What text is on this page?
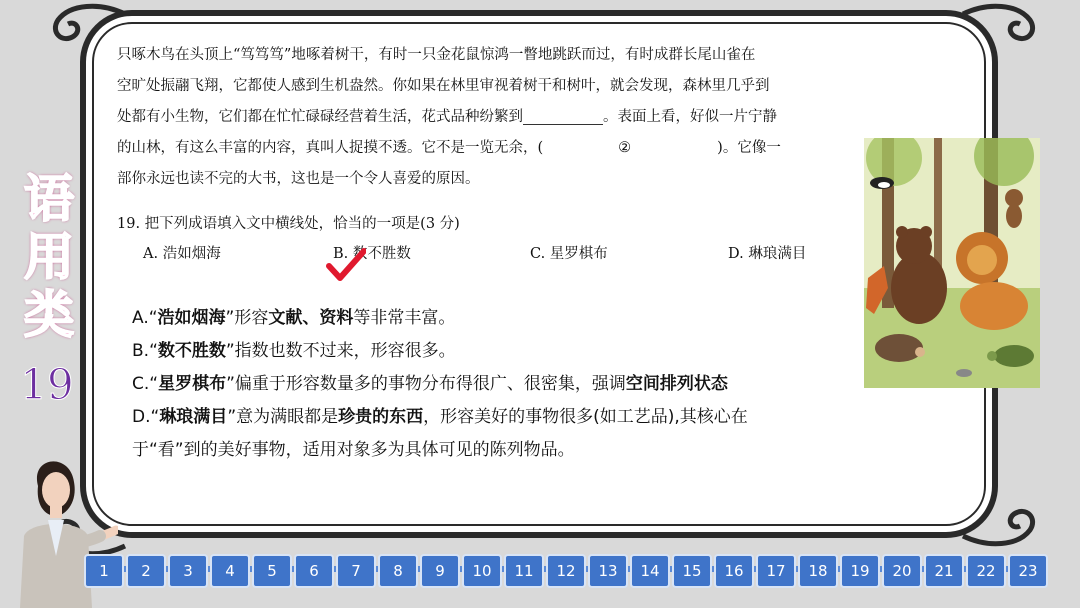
只啄木鸟在头顶上“笃笃笃”地啄着树干，有时一只金花鼠惊鸿一瞥地跳跃而过，有时成群长尾山雀在
空旷处振翮飞翔，它都使人感到生机盎然。你如果在林里审视着树干和树叶，就会发现，森林里几乎到
处都有小生物，它们都在忙忙碌碌经营着生活，花式品种纷繁到	。表面上看，好似一片宁静
的山林，有这么丰富的内容，真叫人捉摸不透。它不是一览无余，(	②	)。它像一
部你永远也读不完的大书，这也是一个令人喜爱的原因。
19. 把下列成语填入文中横线处，恰当的一项是(3 分)
A. 浩如烟海	B. 数不胜数	C. 星罗棋布	D. 琳琅满目
A.“浩如烟海”形容文献、资料等非常丰富。
B.“数不胜数”指数也数不过来，形容很多。
C.“星罗棋布”偏重于形容数量多的事物分布得很广、很密集，强调空间排列状态
D.“琳琅满目”意为满眼都是珍贵的东西，形容美好的事物很多(如工艺品),其核心在
于“看”到的美好事物，适用对象多为具体可见的陈列物品。
语
用
类
19
1	2	3	4	5	6	7	8	9	10	11	12	13	14	15	16	17	18	19	20	21	22	23
